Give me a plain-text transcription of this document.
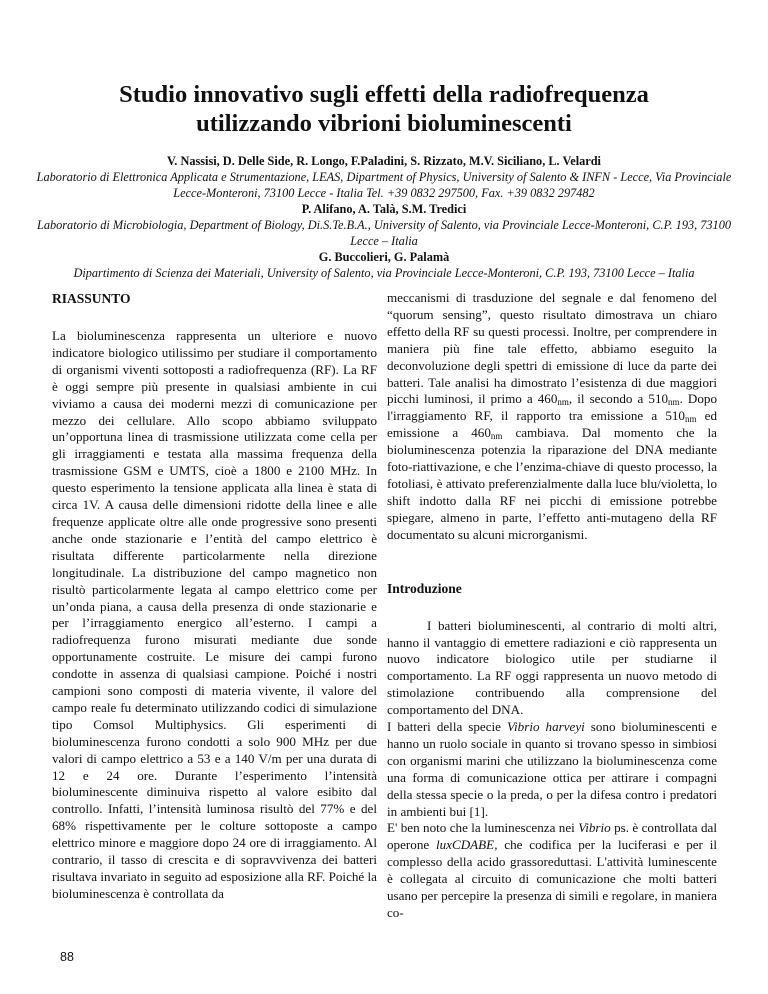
Studio innovativo sugli effetti della radiofrequenza utilizzando vibrioni bioluminescenti
V. Nassisi, D. Delle Side, R. Longo, F.Paladini, S. Rizzato, M.V. Siciliano, L. Velardi
Laboratorio di Elettronica Applicata e Strumentazione, LEAS, Dipartment of Physics, University of Salento & INFN - Lecce, Via Provinciale Lecce-Monteroni, 73100 Lecce - Italia Tel. +39 0832 297500, Fax. +39 0832 297482
P. Alifano, A. Talà, S.M. Tredici
Laboratorio di Microbiologia, Department of Biology, Di.S.Te.B.A., University of Salento, via Provinciale Lecce-Monteroni, C.P. 193, 73100 Lecce – Italia
G. Buccolieri, G. Palamà
Dipartimento di Scienza dei Materiali, University of Salento, via Provinciale Lecce-Monteroni, C.P. 193, 73100 Lecce – Italia
RIASSUNTO

La bioluminescenza rappresenta un ulteriore e nuovo indicatore biologico utilissimo per studiare il comportamento di organismi viventi sottoposti a radiofrequenza (RF). La RF è oggi sempre più presente in qualsiasi ambiente in cui viviamo a causa dei moderni mezzi di comunicazione per mezzo dei cellulare. Allo scopo abbiamo sviluppato un’opportuna linea di trasmissione utilizzata come cella per gli irraggiamenti e testata alla massima frequenza della trasmissione GSM e UMTS, cioè a 1800 e 2100 MHz. In questo esperimento la tensione applicata alla linea è stata di circa 1V. A causa delle dimensioni ridotte della linee e alle frequenze applicate oltre alle onde progressive sono presenti anche onde stazionarie e l’entità del campo elettrico è risultata differente particolarmente nella direzione longitudinale. La distribuzione del campo magnetico non risultò particolarmente legata al campo elettrico come per un’onda piana, a causa della presenza di onde stazionarie e per l’irraggiamento energico all’esterno. I campi a radiofrequenza furono misurati mediante due sonde opportunamente costruite. Le misure dei campi furono condotte in assenza di qualsiasi campione. Poiché i nostri campioni sono composti di materia vivente, il valore del campo reale fu determinato utilizzando codici di simulazione tipo Comsol Multiphysics. Gli esperimenti di bioluminescenza furono condotti a solo 900 MHz per due valori di campo elettrico a 53 e a 140 V/m per una durata di 12 e 24 ore. Durante l’esperimento l’intensità bioluminescente diminuiva rispetto al valore esibito dal controllo. Infatti, l’intensità luminosa risultò del 77% e del 68% rispettivamente per le colture sottoposte a campo elettrico minore e maggiore dopo 24 ore di irraggiamento. Al contrario, il tasso di crescita e di sopravvivenza dei batteri risultava invariato in seguito ad esposizione alla RF. Poiché la bioluminescenza è controllata da

meccanismi di trasduzione del segnale e dal fenomeno del “quorum sensing”, questo risultato dimostrava un chiaro effetto della RF su questi processi. Inoltre, per comprendere in maniera più fine tale effetto, abbiamo eseguito la deconvoluzione degli spettri di emissione di luce da parte dei batteri. Tale analisi ha dimostrato l’esistenza di due maggiori picchi luminosi, il primo a $460_{nm}$, il secondo a $510_{nm}$. Dopo l'irraggiamento RF, il rapporto tra emissione a $510_{nm}$ ed emissione a $460_{nm}$ cambiava. Dal momento che la bioluminescenza potenzia la riparazione del DNA mediante foto-riattivazione, e che l’enzima-chiave di questo processo, la fotoliasi, è attivato preferenzialmente dalla luce blu/violetta, lo shift indotto dalla RF nei picchi di emissione potrebbe spiegare, almeno in parte, l’effetto anti-mutageno della RF documentato su alcuni microrganismi.

Introduzione

I batteri bioluminescenti, al contrario di molti altri, hanno il vantaggio di emettere radiazioni e ciò rappresenta un nuovo indicatore biologico utile per studiarne il comportamento. La RF oggi rappresenta un nuovo metodo di stimolazione contribuendo alla comprensione del comportamento del DNA.

I batteri della specie Vibrio harveyi sono bioluminescenti e hanno un ruolo sociale in quanto si trovano spesso in simbiosi con organismi marini che utilizzano la bioluminescenza come una forma di comunicazione ottica per attirare i compagni della stessa specie o la preda, o per la difesa contro i predatori in ambienti bui [1].

E' ben noto che la luminescenza nei Vibrio ps. è controllata dal operone luxCDABE, che codifica per la luciferasi e per il complesso della acido grassoreduttasi. L'attività luminescente è collegata al circuito di comunicazione che molti batteri usano per percepire la presenza di simili e regolare, in maniera co-

88
